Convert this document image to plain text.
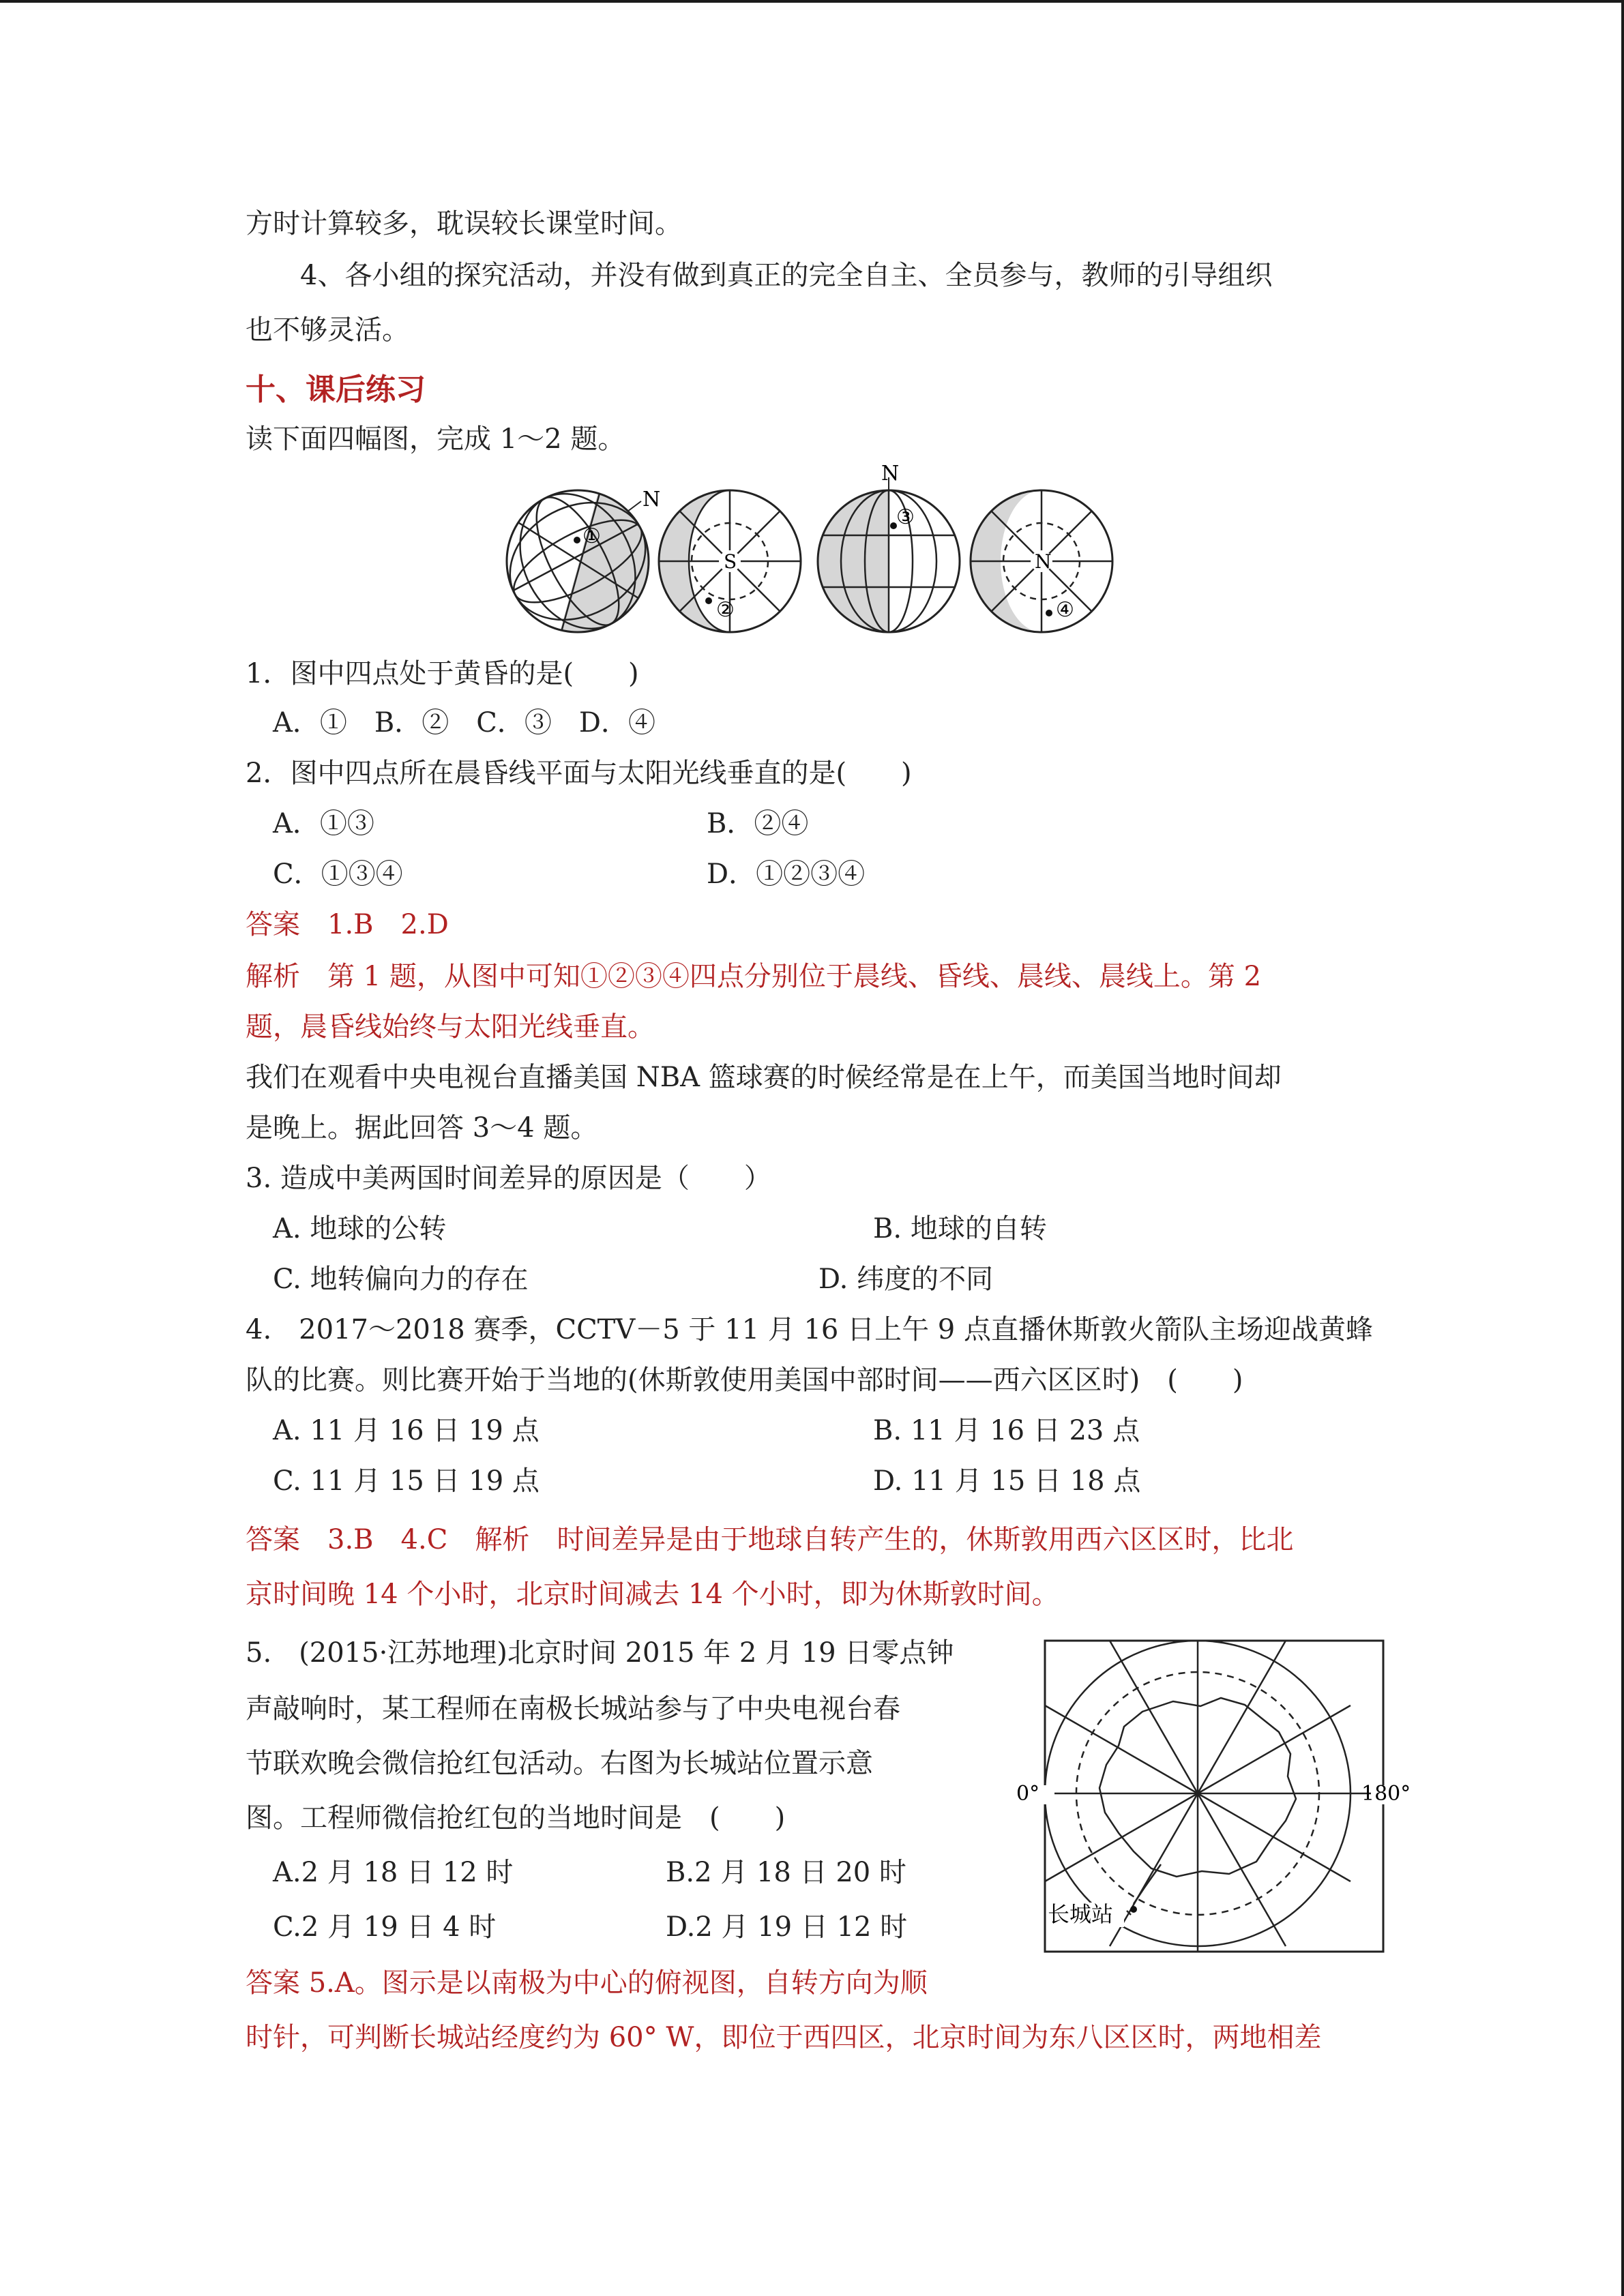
方时计算较多，耽误较长课堂时间。
4、各小组的探究活动，并没有做到真正的完全自主、全员参与，教师的引导组织
也不够灵活。
十、课后练习
读下面四幅图，完成 1～2 题。
N
①
S
②
N
③
N
④
1．图中四点处于黄昏的是(　　)
A．①　B．②　C．③　D．④
2．图中四点所在晨昏线平面与太阳光线垂直的是(　　)
A．①③	B．②④
C．①③④	D．①②③④
答案　1.B　2.D
解析　第 1 题，从图中可知①②③④四点分别位于晨线、昏线、晨线、晨线上。第 2
题，晨昏线始终与太阳光线垂直。
我们在观看中央电视台直播美国 NBA 篮球赛的时候经常是在上午，而美国当地时间却
是晚上。据此回答 3～4 题。
3. 造成中美两国时间差异的原因是（　　）
A. 地球的公转	B. 地球的自转
C. 地转偏向力的存在	D. 纬度的不同
4.　2017～2018 赛季，CCTV－5 于 11 月 16 日上午 9 点直播休斯敦火箭队主场迎战黄蜂
队的比赛。则比赛开始于当地的(休斯敦使用美国中部时间——西六区区时)　(　　)
A. 11 月 16 日 19 点	B. 11 月 16 日 23 点
C. 11 月 15 日 19 点	D. 11 月 15 日 18 点
答案　3.B　4.C　解析　时间差异是由于地球自转产生的，休斯敦用西六区区时，比北
京时间晚 14 个小时，北京时间减去 14 个小时，即为休斯敦时间。
5.　(2015·江苏地理)北京时间 2015 年 2 月 19 日零点钟
声敲响时，某工程师在南极长城站参与了中央电视台春
节联欢晚会微信抢红包活动。右图为长城站位置示意
图。工程师微信抢红包的当地时间是　(　　)
A.2 月 18 日 12 时	B.2 月 18 日 20 时
C.2 月 19 日 4 时	D.2 月 19 日 12 时
0°	180°
长城站
答案 5.A。图示是以南极为中心的俯视图，自转方向为顺
时针，可判断长城站经度约为 60° W，即位于西四区，北京时间为东八区区时，两地相差
